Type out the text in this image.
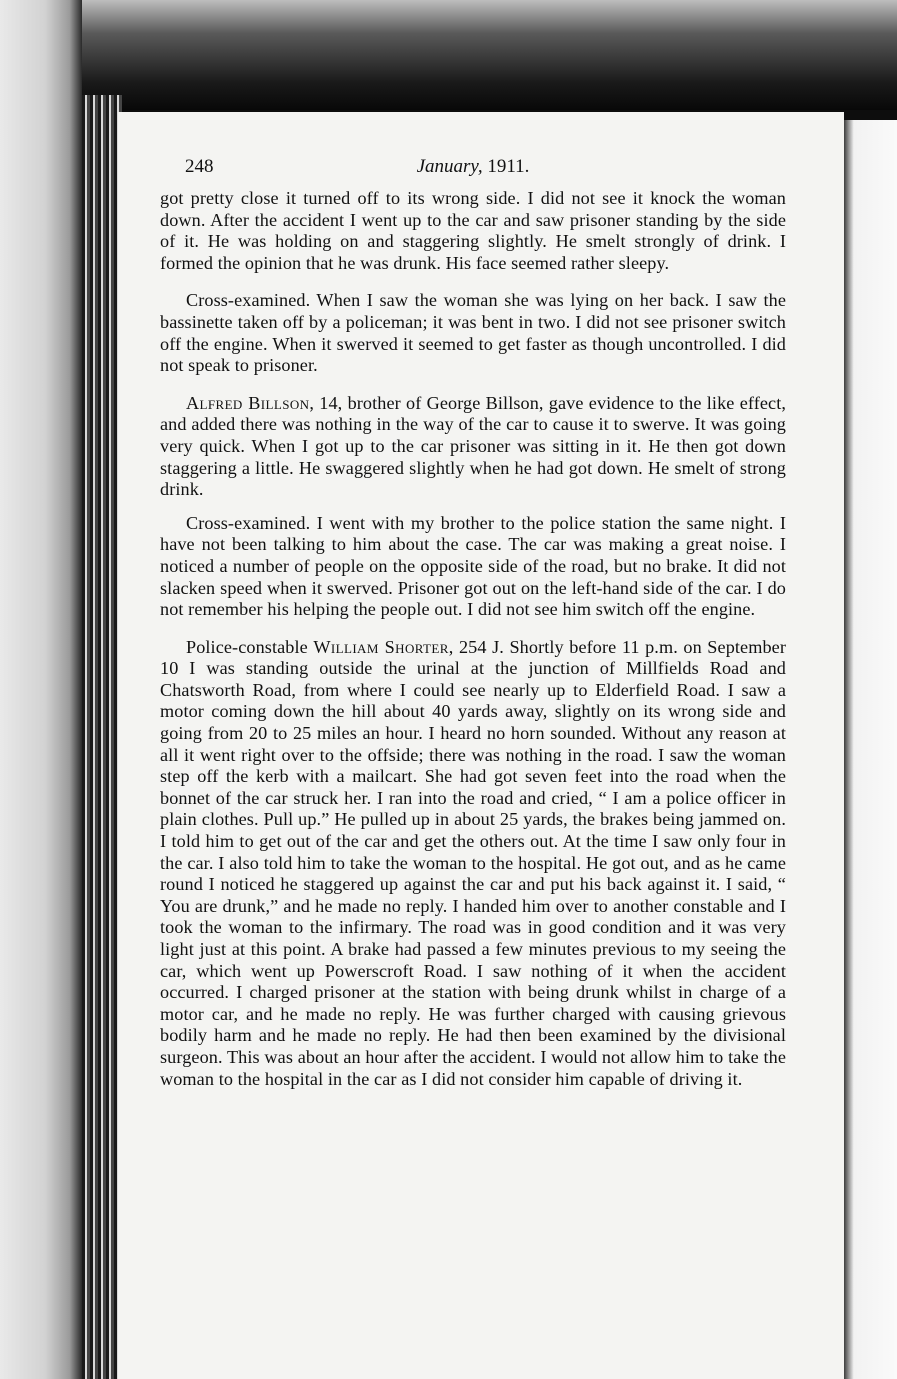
248	January, 1911.

got pretty close it turned off to its wrong side. I did not see it knock the woman down. After the accident I went up to the car and saw prisoner standing by the side of it. He was holding on and staggering slightly. He smelt strongly of drink. I formed the opinion that he was drunk. His face seemed rather sleepy.

Cross-examined. When I saw the woman she was lying on her back. I saw the bassinette taken off by a policeman; it was bent in two. I did not see prisoner switch off the engine. When it swerved it seemed to get faster as though uncontrolled. I did not speak to prisoner.

Alfred Billson, 14, brother of George Billson, gave evidence to the like effect, and added there was nothing in the way of the car to cause it to swerve. It was going very quick. When I got up to the car prisoner was sitting in it. He then got down staggering a little. He swaggered slightly when he had got down. He smelt of strong drink.

Cross-examined. I went with my brother to the police station the same night. I have not been talking to him about the case. The car was making a great noise. I noticed a number of people on the opposite side of the road, but no brake. It did not slacken speed when it swerved. Prisoner got out on the left-hand side of the car. I do not remember his helping the people out. I did not see him switch off the engine.

Police-constable William Shorter, 254 J. Shortly before 11 p.m. on September 10 I was standing outside the urinal at the junction of Millfields Road and Chatsworth Road, from where I could see nearly up to Elderfield Road. I saw a motor coming down the hill about 40 yards away, slightly on its wrong side and going from 20 to 25 miles an hour. I heard no horn sounded. Without any reason at all it went right over to the offside; there was nothing in the road. I saw the woman step off the kerb with a mailcart. She had got seven feet into the road when the bonnet of the car struck her. I ran into the road and cried, “ I am a police officer in plain clothes. Pull up.” He pulled up in about 25 yards, the brakes being jammed on. I told him to get out of the car and get the others out. At the time I saw only four in the car. I also told him to take the woman to the hospital. He got out, and as he came round I noticed he staggered up against the car and put his back against it. I said, “ You are drunk,” and he made no reply. I handed him over to another constable and I took the woman to the infirmary. The road was in good condition and it was very light just at this point. A brake had passed a few minutes previous to my seeing the car, which went up Powerscroft Road. I saw nothing of it when the accident occurred. I charged prisoner at the station with being drunk whilst in charge of a motor car, and he made no reply. He was further charged with causing grievous bodily harm and he made no reply. He had then been examined by the divisional surgeon. This was about an hour after the accident. I would not allow him to take the woman to the hospital in the car as I did not consider him capable of driving it.
